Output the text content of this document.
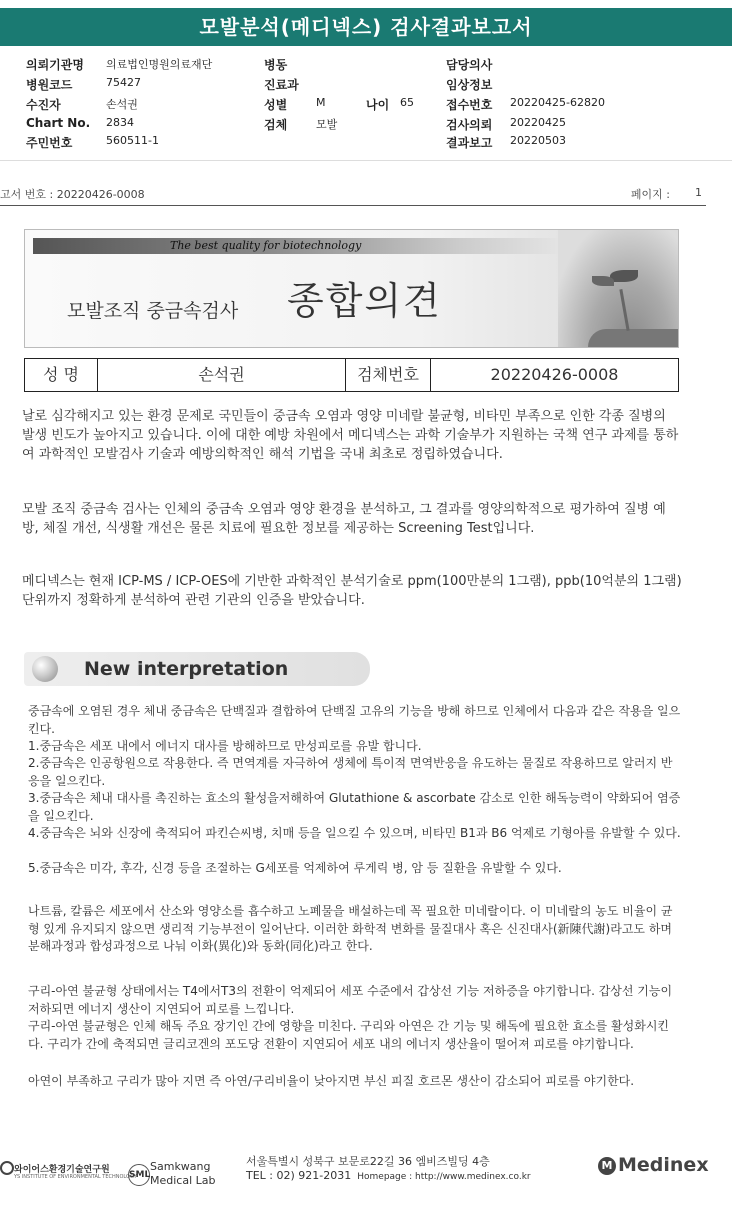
모발분석(메디넥스) 검사결과보고서
의뢰기관명 의료법인명원의료재단	병동	담당의사
병원코드	75427	진료과	임상정보
수진자	손석권	성별	M	나이 65	접수번호 20220425-62820
Chart No. 2834	검체	모발	검사의뢰 20220425
주민번호	560511-1	결과보고 20220503
고서 번호 : 20220426-0008	페이지 : 1
The best quality for biotechnology
모발조직 중금속검사 종합의견
성 명	손석권	검체번호	20220426-0008

날로 심각해지고 있는 환경 문제로 국민들이 중금속 오염과 영양 미네랄 불균형, 비타민 부족으로 인한 각종 질병의 발생 빈도가 높아지고 있습니다. 이에 대한 예방 차원에서 메디넥스는 과학 기술부가 지원하는 국책 연구 과제를 통하여 과학적인 모발검사 기술과 예방의학적인 해석 기법을 국내 최초로 정립하였습니다.

모발 조직 중금속 검사는 인체의 중금속 오염과 영양 환경을 분석하고, 그 결과를 영양의학적으로 평가하여 질병 예방, 체질 개선, 식생활 개선은 물론 치료에 필요한 정보를 제공하는 Screening Test입니다.

메디넥스는 현재 ICP-MS / ICP-OES에 기반한 과학적인 분석기술로 ppm(100만분의 1그램), ppb(10억분의 1그램) 단위까지 정확하게 분석하여 관련 기관의 인증을 받았습니다.

New interpretation

중금속에 오염된 경우 체내 중금속은 단백질과 결합하여 단백질 고유의 기능을 방해 하므로 인체에서 다음과 같은 작용을 일으킨다.

1.중금속은 세포 내에서 에너지 대사를 방해하므로 만성피로를 유발 합니다.

2.중금속은 인공항원으로 작용한다. 즉 면역계를 자극하여 생체에 특이적 면역반응을 유도하는 물질로 작용하므로 알러지 반응을 일으킨다.

3.중금속은 체내 대사를 촉진하는 효소의 활성을저해하여 Glutathione & ascorbate 감소로 인한 해독능력이 약화되어 염증을 일으킨다.

4.중금속은 뇌와 신장에 축적되어 파킨슨씨병, 치매 등을 일으킬 수 있으며, 비타민 B1과 B6 억제로 기형아를 유발할 수 있다.

5.중금속은 미각, 후각, 신경 등을 조절하는 G세포를 억제하여 루게릭 병, 암 등 질환을 유발할 수 있다.

나트륨, 칼륨은 세포에서 산소와 영양소를 흡수하고 노폐물을 배설하는데 꼭 필요한 미네랄이다. 이 미네랄의 농도 비율이 균형 있게 유지되지 않으면 생리적 기능부전이 일어난다. 이러한 화학적 변화를 물질대사 혹은 신진대사(新陳代謝)라고도 하며 분해과정과 합성과정으로 나눠 이화(異化)와 동화(同化)라고 한다.

구리-아연 불균형 상태에서는 T4에서T3의 전환이 억제되어 세포 수준에서 갑상선 기능 저하증을 야기합니다. 갑상선 기능이 저하되면 에너지 생산이 지연되어 피로를 느낍니다.

구리-아연 불균형은 인체 해독 주요 장기인 간에 영향을 미친다. 구리와 아연은 간 기능 및 해독에 필요한 효소를 활성화시킨다. 구리가 간에 축적되면 글리코겐의 포도당 전환이 지연되어 세포 내의 에너지 생산율이 떨어져 피로를 야기합니다.

아연이 부족하고 구리가 많아 지면 즉 아연/구리비율이 낮아지면 부신 피질 호르몬 생산이 감소되어 피로를 야기한다.

와이어스환경기술연구원
YS INSTITUTE OF ENVIRONMENTAL TECHNOLOGY
SML
Samkwang
Medical Lab
서울특별시 성북구 보문로22길 36 엠비즈빌딩 4층
TEL : 02) 921-2031 Homepage : http://www.medinex.co.kr
M Medinex
